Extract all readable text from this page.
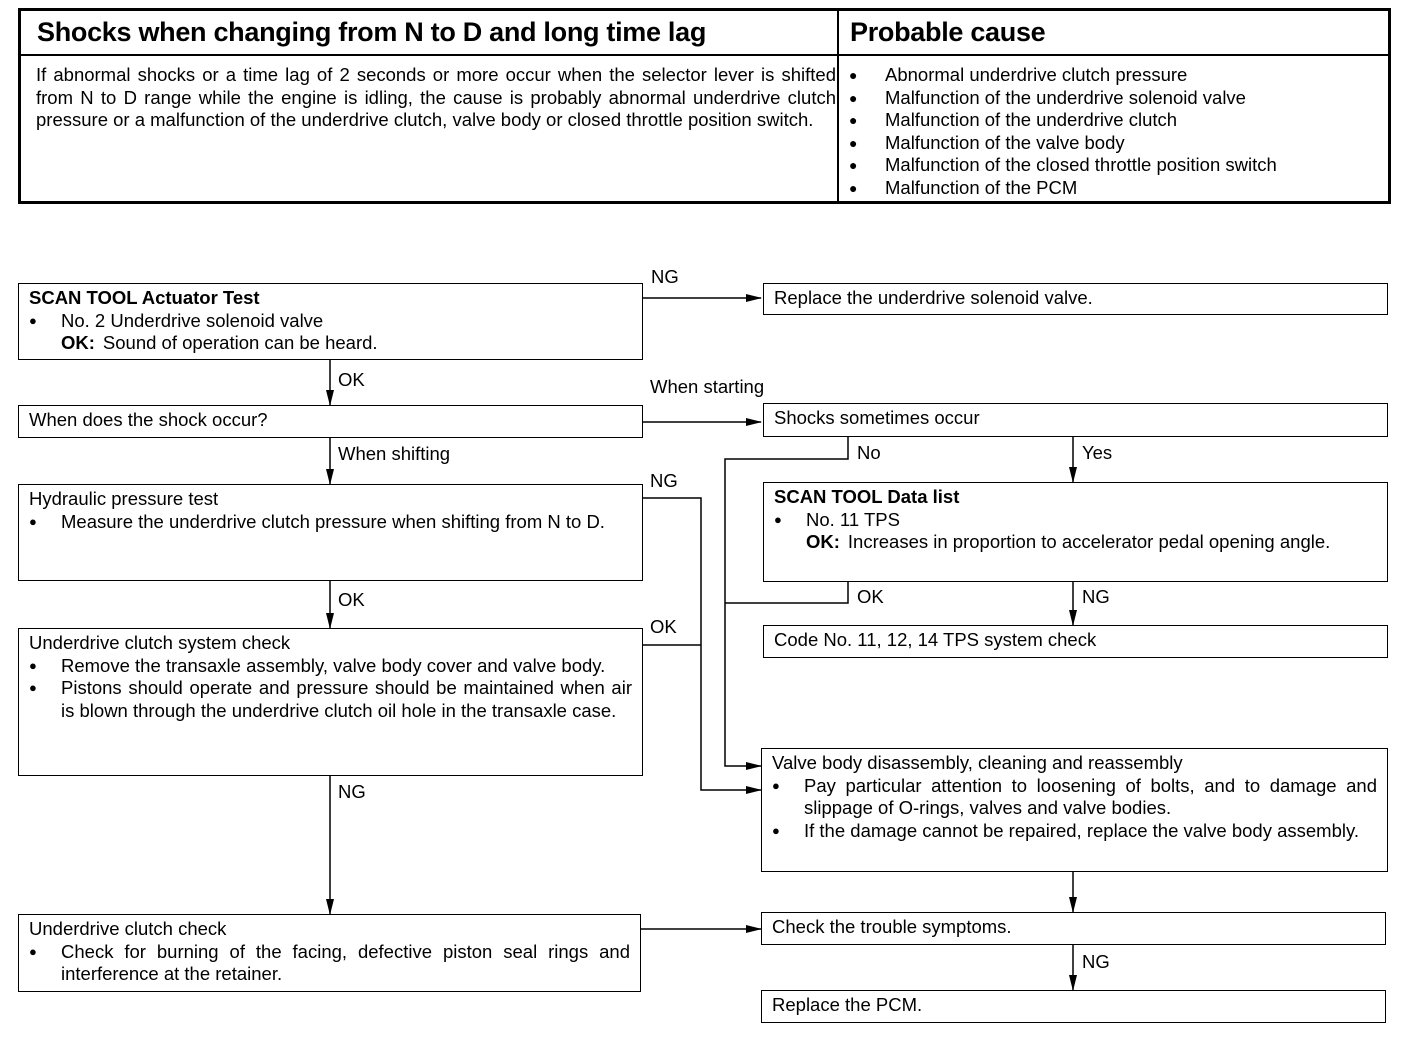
Shocks when changing from N to D and long time lag	Probable cause
If abnormal shocks or a time lag of 2 seconds or more occur when the selector lever is shifted from N to D range while the engine is idling, the cause is probably abnormal underdrive clutch pressure or a malfunction of the underdrive clutch, valve body or closed throttle position switch.
● Abnormal underdrive clutch pressure
● Malfunction of the underdrive solenoid valve
● Malfunction of the underdrive clutch
● Malfunction of the valve body
● Malfunction of the closed throttle position switch
● Malfunction of the PCM
SCAN TOOL Actuator Test
● No. 2 Underdrive solenoid valve
OK: Sound of operation can be heard.
When does the shock occur?
Hydraulic pressure test
● Measure the underdrive clutch pressure when shifting from N to D.
Underdrive clutch system check
● Remove the transaxle assembly, valve body cover and valve body.
● Pistons should operate and pressure should be maintained when air is blown through the underdrive clutch oil hole in the transaxle case.
Underdrive clutch check
● Check for burning of the facing, defective piston seal rings and interference at the retainer.
Replace the underdrive solenoid valve.
Shocks sometimes occur
SCAN TOOL Data list
● No. 11 TPS
OK: Increases in proportion to accelerator pedal opening angle.
Code No. 11, 12, 14 TPS system check
Valve body disassembly, cleaning and reassembly
● Pay particular attention to loosening of bolts, and to damage and slippage of O-rings, valves and valve bodies.
● If the damage cannot be repaired, replace the valve body assembly.
Check the trouble symptoms.
Replace the PCM.
NG
OK	When starting
When shifting	No	Yes
NG
OK	NG
OK
OK
NG
NG
